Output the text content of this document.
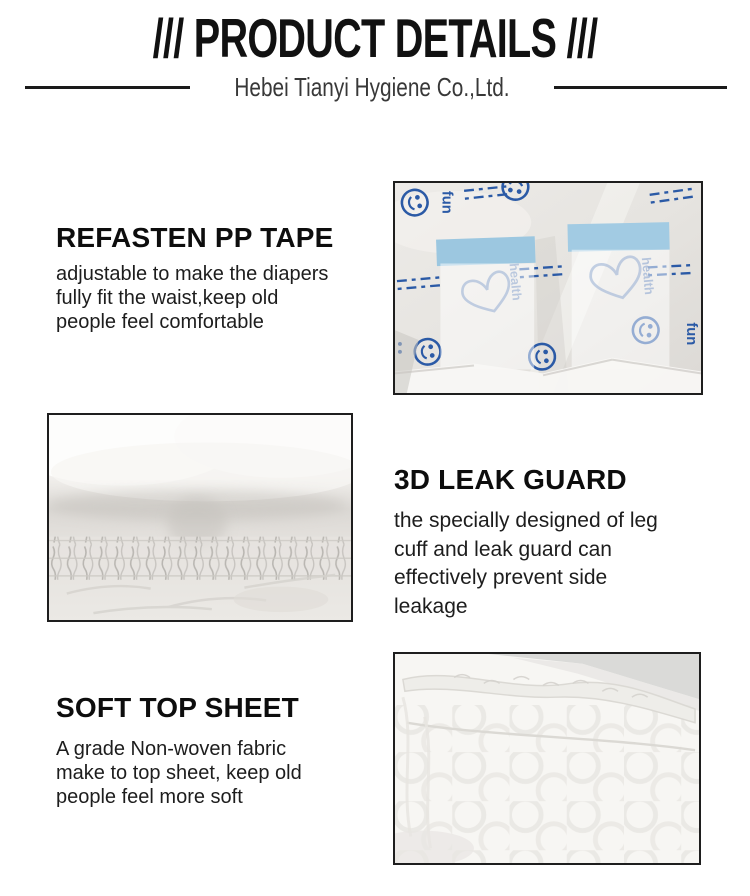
/// PRODUCT DETAILS ///
Hebei Tianyi Hygiene Co.,Ltd.
REFASTEN PP TAPE
adjustable to make the diapers
fully fit the waist,keep old
people feel comfortable
fun
fun
3D LEAK GUARD
the specially designed of leg
cuff and leak guard can
effectively prevent side
leakage
SOFT TOP SHEET
A grade Non-woven fabric
make to top sheet, keep old
people feel more soft
